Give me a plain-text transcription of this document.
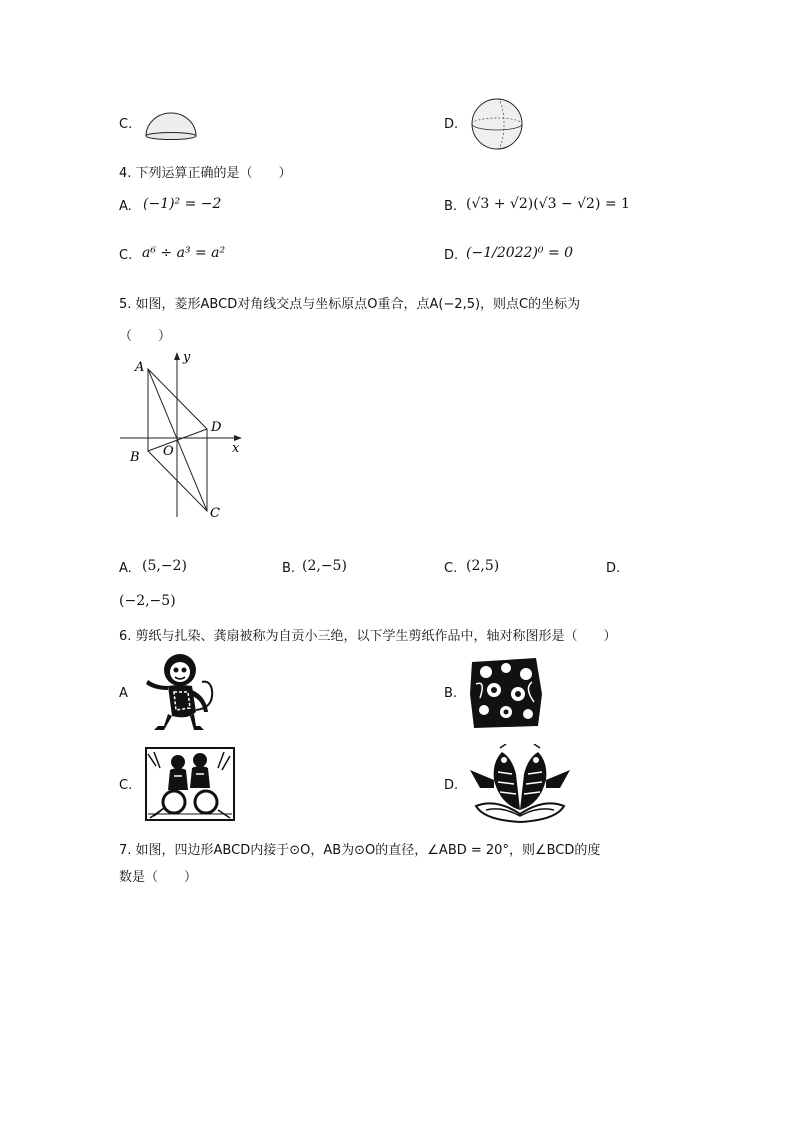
C.	D.
4. 下列运算正确的是（　　）
A. (−1)² = −2	B. (√3 + √2)(√3 − √2) = 1
C. a⁶ ÷ a³ = a²	D. (−1/2022)⁰ = 0
5. 如图，菱形ABCD对角线交点与坐标原点O重合，点A(−2,5)，则点C的坐标为
（　　）
A
B
C
D
O	x
y
A. (5,−2)	B. (2,−5)	C. (2,5)	D.
(−2,−5)
6. 剪纸与扎染、龚扇被称为自贡小三绝，以下学生剪纸作品中，轴对称图形是（　　）
A	B.
C.	D.
7. 如图，四边形ABCD内接于⊙O，AB为⊙O的直径，∠ABD = 20°，则∠BCD的度
数是（　　）
